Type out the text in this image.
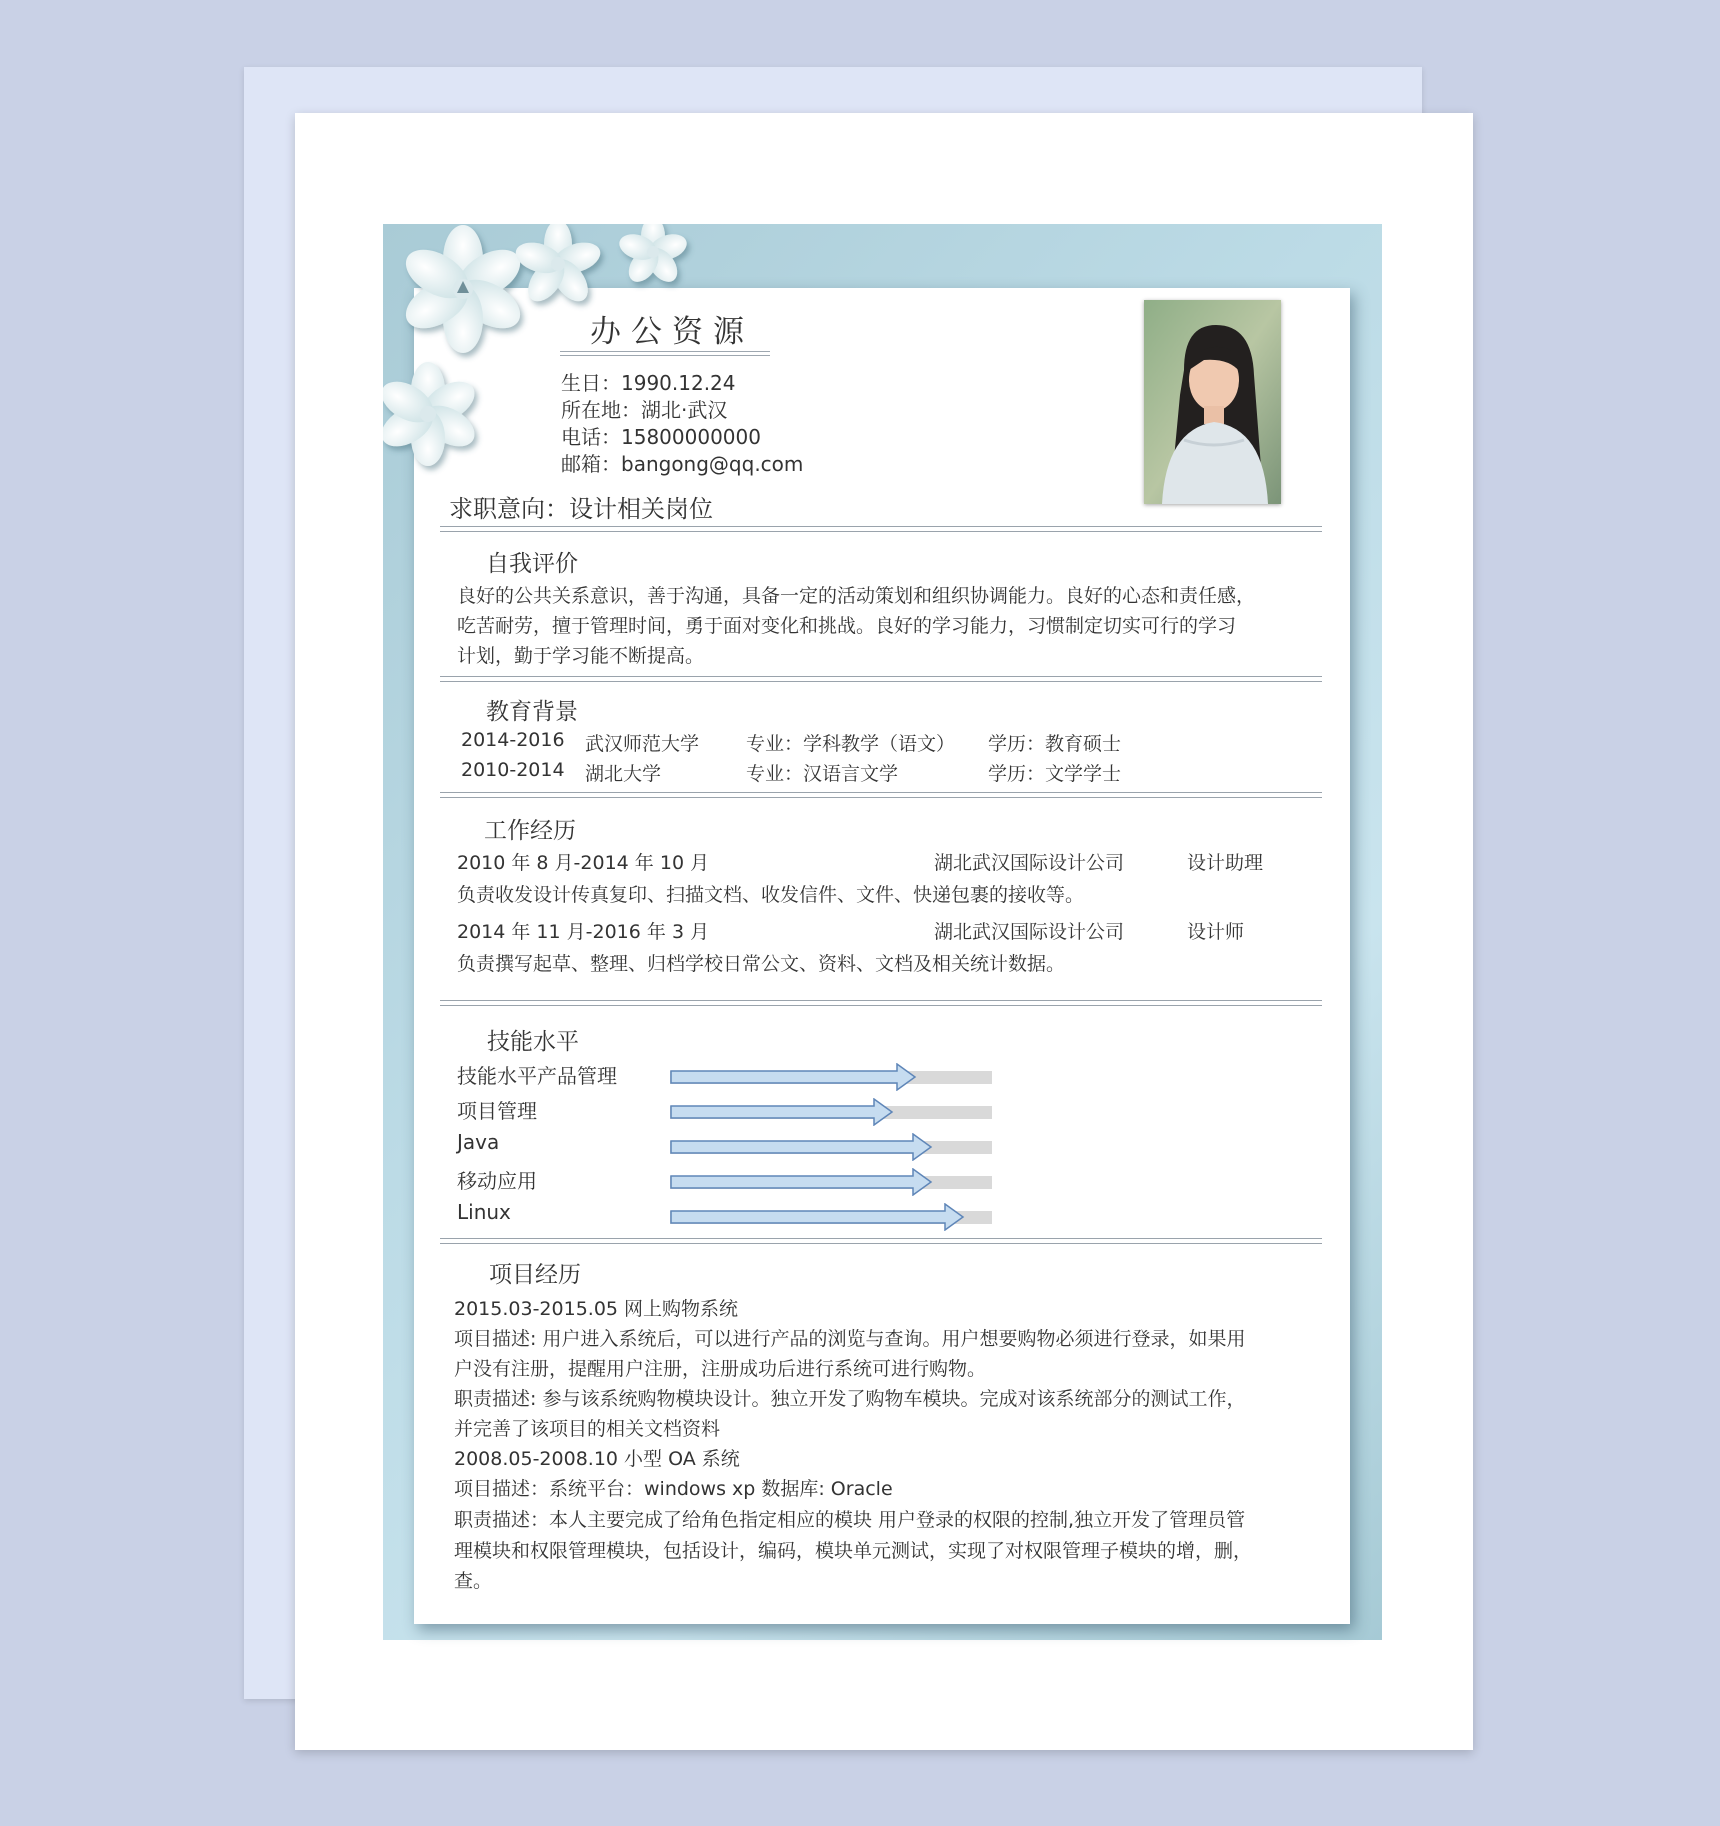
办公资源
生日：1990.12.24
所在地：湖北·武汉
电话：15800000000
邮箱：bangong@qq.com
求职意向：设计相关岗位
自我评价
良好的公共关系意识，善于沟通，具备一定的活动策划和组织协调能力。良好的心态和责任感，
吃苦耐劳，擅于管理时间，勇于面对变化和挑战。良好的学习能力，习惯制定切实可行的学习
计划，勤于学习能不断提高。
教育背景
2014-2016 武汉师范大学 专业：学科教学（语文） 学历：教育硕士
2010-2014 湖北大学	专业：汉语言文学	学历：文学学士
工作经历
2010 年 8 月-2014 年 10 月	湖北武汉国际设计公司	设计助理
负责收发设计传真复印、扫描文档、收发信件、文件、快递包裹的接收等。
2014 年 11 月-2016 年 3 月	湖北武汉国际设计公司	设计师
负责撰写起草、整理、归档学校日常公文、资料、文档及相关统计数据。
技能水平
技能水平产品管理
项目管理
Java
移动应用
Linux
项目经历
2015.03-2015.05 网上购物系统
项目描述: 用户进入系统后，可以进行产品的浏览与查询。用户想要购物必须进行登录，如果用
户没有注册，提醒用户注册，注册成功后进行系统可进行购物。
职责描述: 参与该系统购物模块设计。独立开发了购物车模块。完成对该系统部分的测试工作，
并完善了该项目的相关文档资料
2008.05-2008.10 小型 OA 系统
项目描述：系统平台：windows xp 数据库: Oracle
职责描述：本人主要完成了给角色指定相应的模块 用户登录的权限的控制,独立开发了管理员管
理模块和权限管理模块，包括设计，编码，模块单元测试，实现了对权限管理子模块的增，删，
查。
